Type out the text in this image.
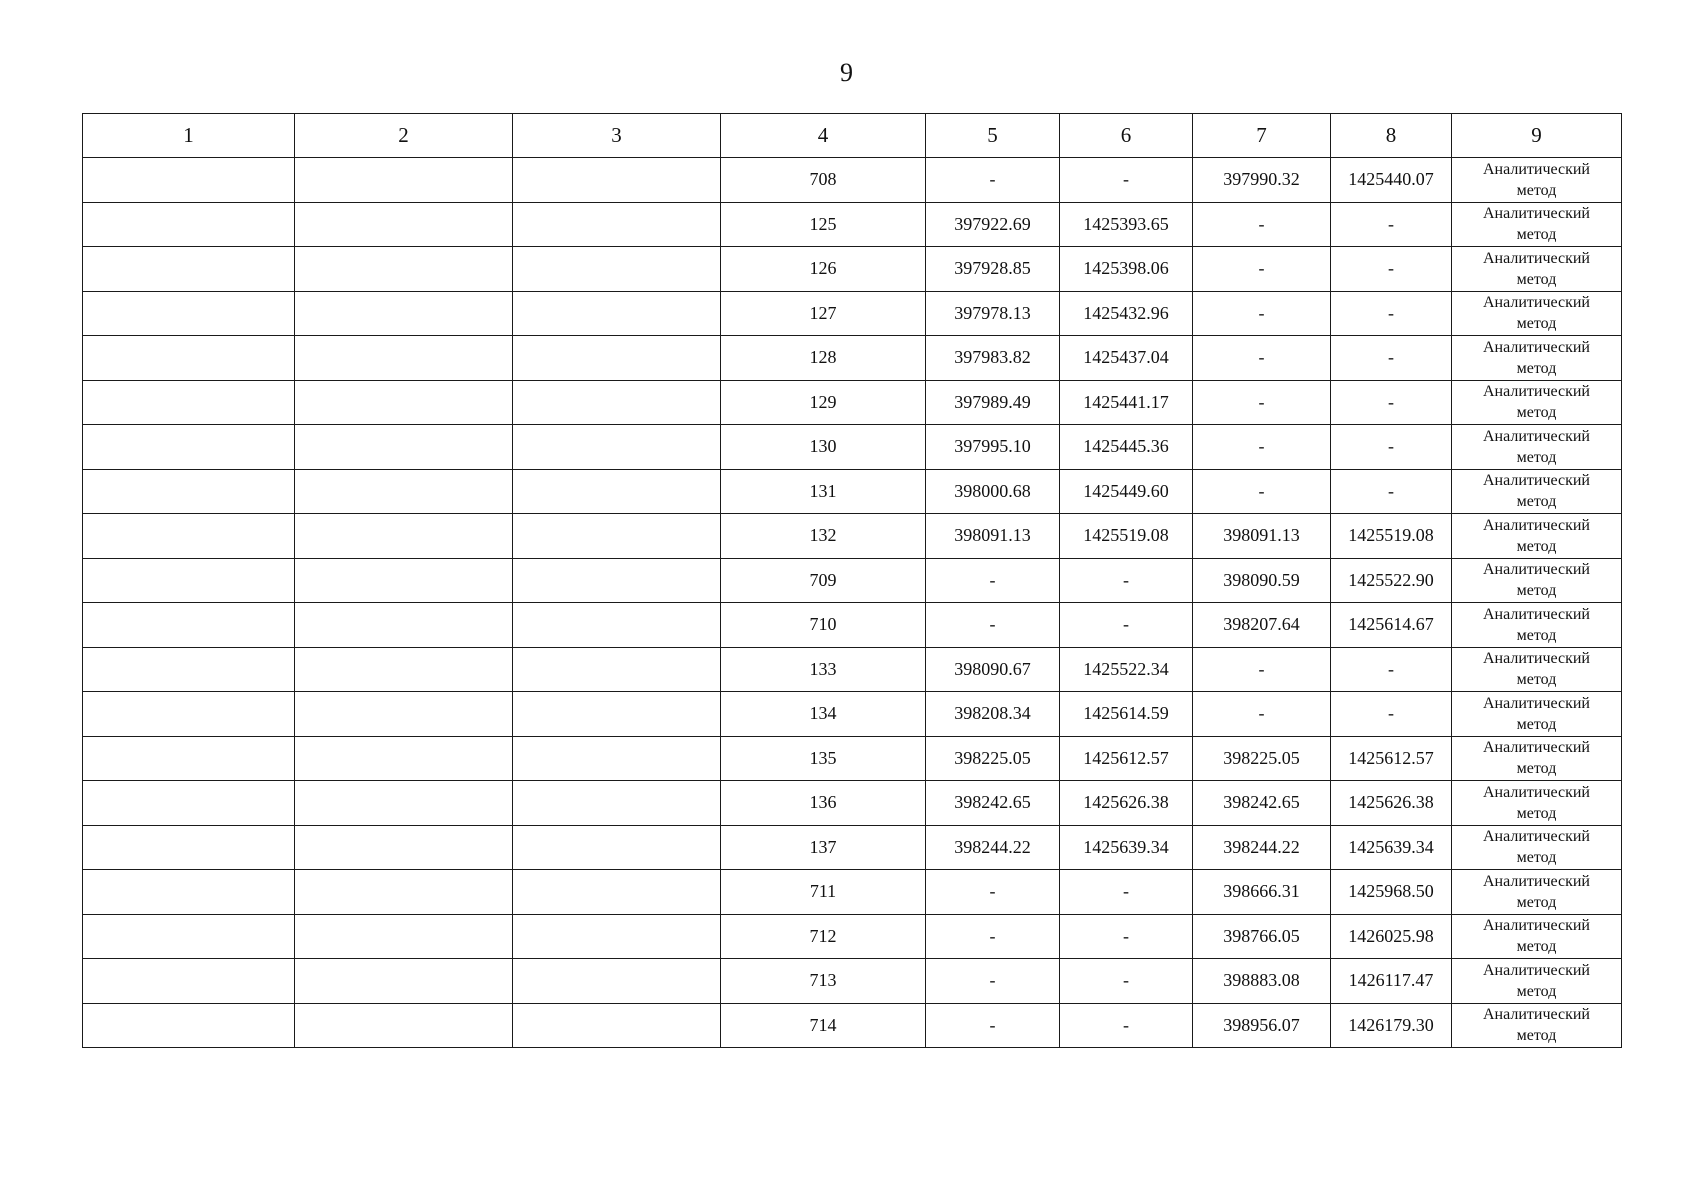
9
1	2	3	4	5	6	7	8	9
			708	-	-	397990.32	1425440.07	Аналитический
метод

			125	397922.69	1425393.65	-	-	Аналитический
метод

			126	397928.85	1425398.06	-	-	Аналитический
метод

			127	397978.13	1425432.96	-	-	Аналитический
метод

			128	397983.82	1425437.04	-	-	Аналитический
метод

			129	397989.49	1425441.17	-	-	Аналитический
метод

			130	397995.10	1425445.36	-	-	Аналитический
метод

			131	398000.68	1425449.60	-	-	Аналитический
метод

			132	398091.13	1425519.08	398091.13	1425519.08	Аналитический
метод

			709	-	-	398090.59	1425522.90	Аналитический
метод

			710	-	-	398207.64	1425614.67	Аналитический
метод

			133	398090.67	1425522.34	-	-	Аналитический
метод

			134	398208.34	1425614.59	-	-	Аналитический
метод

			135	398225.05	1425612.57	398225.05	1425612.57	Аналитический
метод

			136	398242.65	1425626.38	398242.65	1425626.38	Аналитический
метод

			137	398244.22	1425639.34	398244.22	1425639.34	Аналитический
метод

			711	-	-	398666.31	1425968.50	Аналитический
метод

			712	-	-	398766.05	1426025.98	Аналитический
метод

			713	-	-	398883.08	1426117.47	Аналитический
метод

			714	-	-	398956.07	1426179.30	Аналитический
метод
